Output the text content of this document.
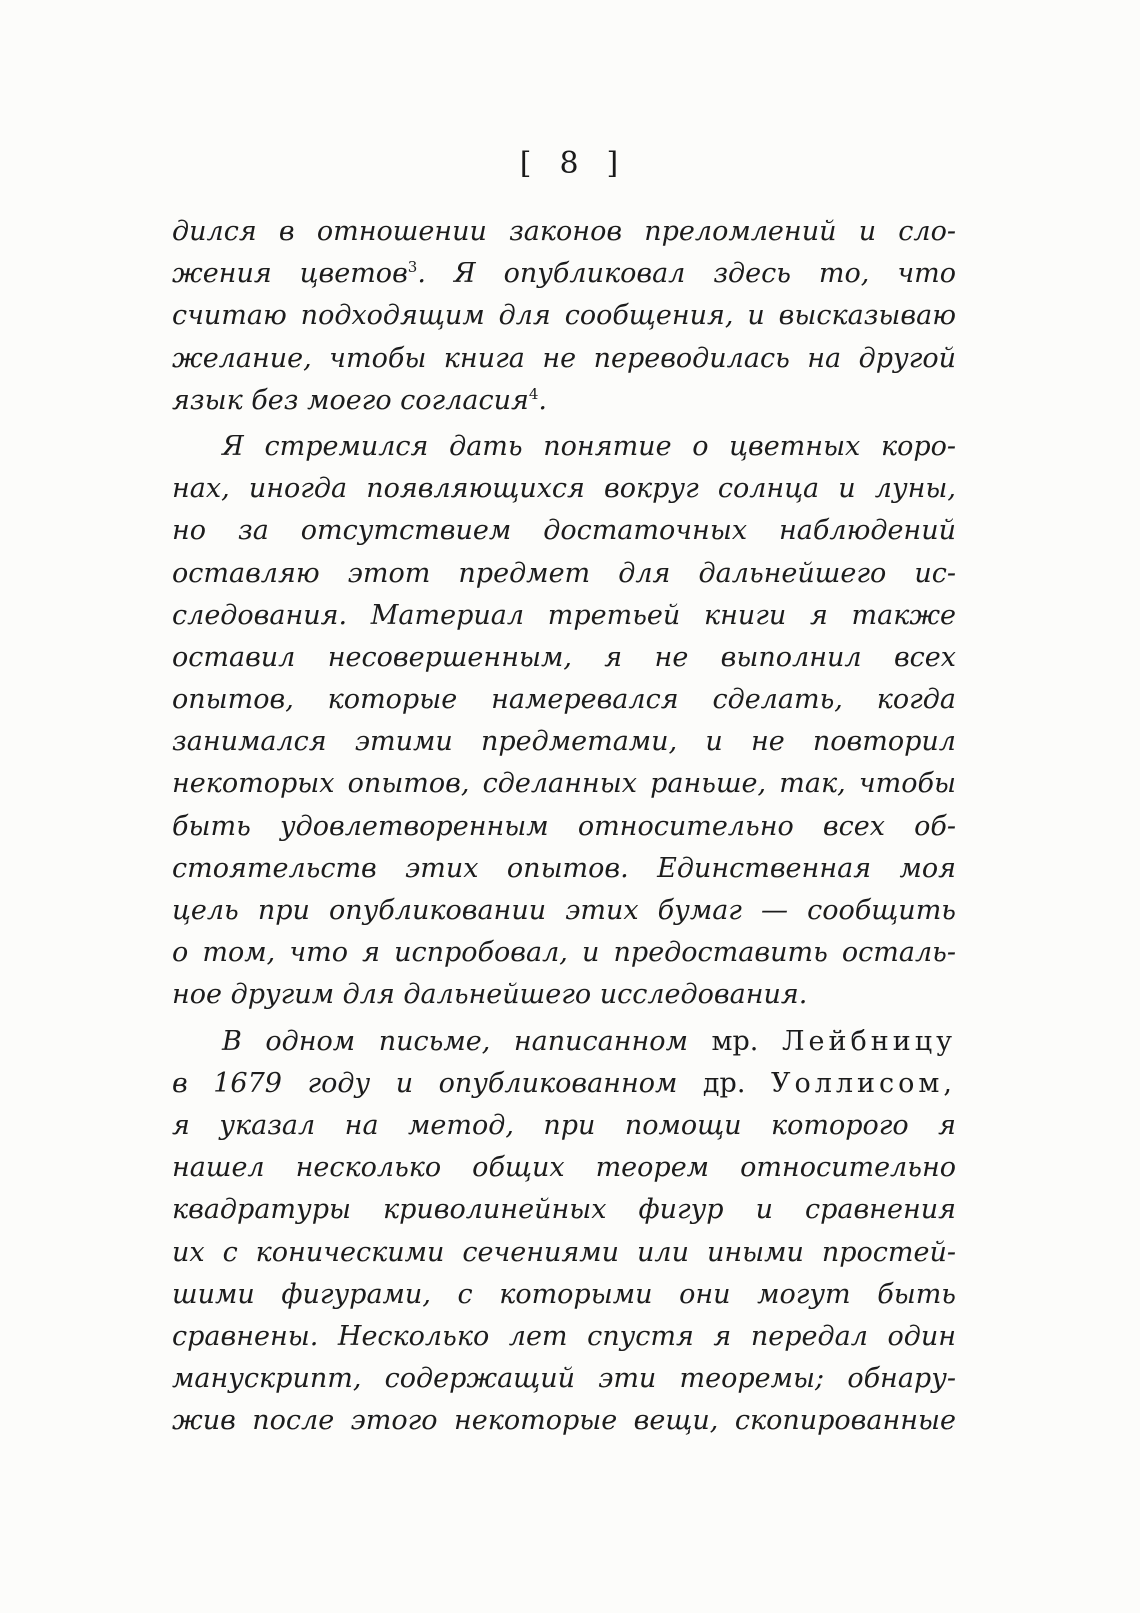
[ 8 ]
дился в отношении законов преломлений и сло-
жения цветов$^3$. Я опубликовал здесь то, что
считаю подходящим для сообщения, и высказываю
желание, чтобы книга не переводилась на другой
язык без моего согласия$^4$.
Я стремился дать понятие о цветных коро-
нах, иногда появляющихся вокруг солнца и луны,
но за отсутствием достаточных наблюдений
оставляю этот предмет для дальнейшего ис-
следования. Материал третьей книги я также
оставил несовершенным, я не выполнил всех
опытов, которые намеревался сделать, когда
занимался этими предметами, и не повторил
некоторых опытов, сделанных раньше, так, чтобы
быть удовлетворенным относительно всех об-
стоятельств этих опытов. Единственная моя
цель при опубликовании этих бумаг — сообщить
о том, что я испробовал, и предоставить осталь-
ное другим для дальнейшего исследования.
В одном письме, написанном мр. Лейбницу
в 1679 году и опубликованном др. Уоллисом,
я указал на метод, при помощи которого я
нашел несколько общих теорем относительно
квадратуры криволинейных фигур и сравнения
их с коническими сечениями или иными простей-
шими фигурами, с которыми они могут быть
сравнены. Несколько лет спустя я передал один
манускрипт, содержащий эти теоремы; обнару-
жив после этого некоторые вещи, скопированные
